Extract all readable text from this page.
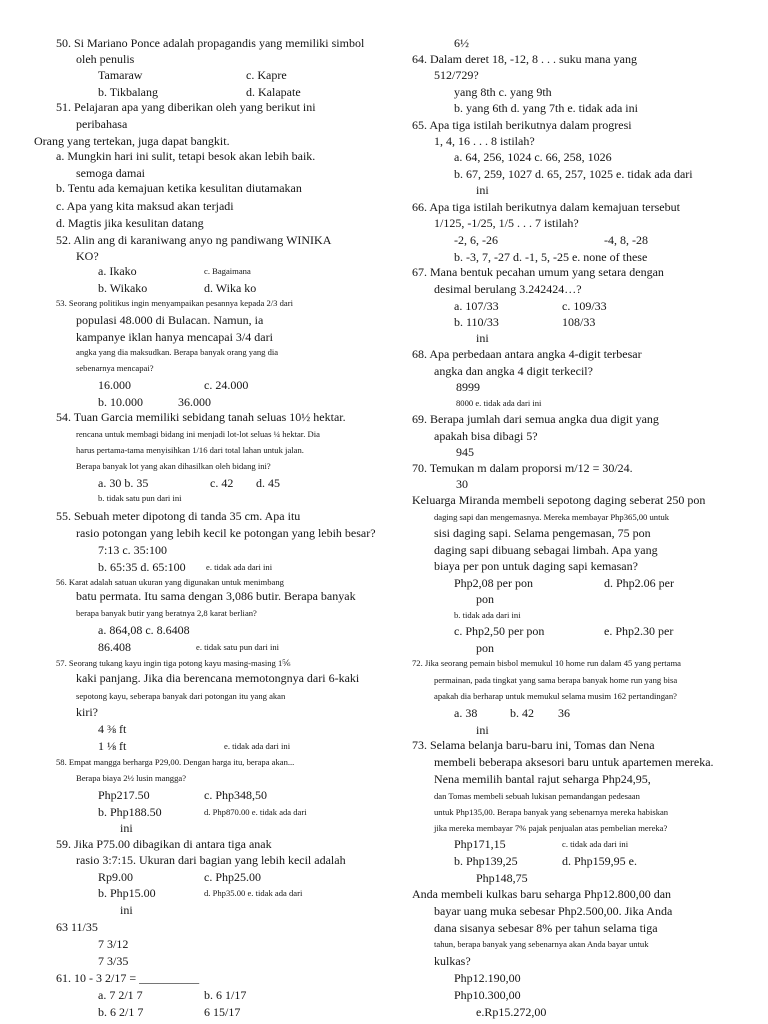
50. Si Mariano Ponce adalah propagandis yang memiliki simbol
oleh penulis
Tamaraw	c. Kapre
b. Tikbalang	d. Kalapate
51. Pelajaran apa yang diberikan oleh yang berikut ini
peribahasa
Orang yang tertekan, juga dapat bangkit.
a. Mungkin hari ini sulit, tetapi besok akan lebih baik.
semoga damai
b. Tentu ada kemajuan ketika kesulitan diutamakan
c. Apa yang kita maksud akan terjadi
d. Magtis jika kesulitan datang
52. Alin ang di karaniwang anyo ng pandiwang WINIKA
KO?
a. Ikako	c. Bagaimana
b. Wikako	d. Wika ko
53. Seorang politikus ingin menyampaikan pesannya kepada 2/3 dari
populasi 48.000 di Bulacan. Namun, ia
kampanye iklan hanya mencapai 3/4 dari
angka yang dia maksudkan. Berapa banyak orang yang dia
sebenarnya mencapai?
16.000	c. 24.000
b. 10.000	36.000
54. Tuan Garcia memiliki sebidang tanah seluas 10½ hektar.
rencana untuk membagi bidang ini menjadi lot-lot seluas ¼ hektar. Dia
harus pertama-tama menyisihkan 1/16 dari total lahan untuk jalan.
Berapa banyak lot yang akan dihasilkan oleh bidang ini?
a. 30 b. 35	c. 42 d. 45
b. tidak satu pun dari ini
55. Sebuah meter dipotong di tanda 35 cm. Apa itu
rasio potongan yang lebih kecil ke potongan yang lebih besar?
7:13 c. 35:100
b. 65:35 d. 65:100 e. tidak ada dari ini
56. Karat adalah satuan ukuran yang digunakan untuk menimbang
batu permata. Itu sama dengan 3,086 butir. Berapa banyak
berapa banyak butir yang beratnya 2,8 karat berlian?
a. 864,08 c. 8.6408
86.408	e. tidak satu pun dari ini
57. Seorang tukang kayu ingin tiga potong kayu masing-masing 1⅚
kaki panjang. Jika dia berencana memotongnya dari 6-kaki
sepotong kayu, seberapa banyak dari potongan itu yang akan
kiri?
4 ⅜ ft
1 ⅛ ft	e. tidak ada dari ini
58. Empat mangga berharga P29,00. Dengan harga itu, berapa akan...
Berapa biaya 2½ lusin mangga?
Php217.50	c. Php348,50
b. Php188.50	d. Php870.00 e. tidak ada dari
ini
59. Jika P75.00 dibagikan di antara tiga anak
rasio 3:7:15. Ukuran dari bagian yang lebih kecil adalah
Rp9.00	c. Php25.00
b. Php15.00	d. Php35.00 e. tidak ada dari
ini
63 11/35
7 3/12
7 3/35
61. 10 - 3 2/17 = __________
a. 7 2/1 7	b. 6 1/17
b. 6 2/1 7	6 15/17
6½
64. Dalam deret 18, -12, 8 . . . suku mana yang
512/729?
yang 8th c. yang 9th
b. yang 6th d. yang 7th e. tidak ada ini
65. Apa tiga istilah berikutnya dalam progresi
1, 4, 16 . . . 8 istilah?
a. 64, 256, 1024 c. 66, 258, 1026
b. 67, 259, 1027 d. 65, 257, 1025 e. tidak ada dari
ini
66. Apa tiga istilah berikutnya dalam kemajuan tersebut
1/125, -1/25, 1/5 . . . 7 istilah?
-2, 6, -26	-4, 8, -28
b. -3, 7, -27 d. -1, 5, -25 e. none of these
67. Mana bentuk pecahan umum yang setara dengan
desimal berulang 3.242424…?
a. 107/33	c. 109/33
b. 110/33	108/33
ini
68. Apa perbedaan antara angka 4-digit terbesar
angka dan angka 4 digit terkecil?
8999
8000 e. tidak ada dari ini
69. Berapa jumlah dari semua angka dua digit yang
apakah bisa dibagi 5?
945
70. Temukan m dalam proporsi m/12 = 30/24.
30
Keluarga Miranda membeli sepotong daging seberat 250 pon
daging sapi dan mengemasnya. Mereka membayar Php365,00 untuk
sisi daging sapi. Selama pengemasan, 75 pon
daging sapi dibuang sebagai limbah. Apa yang
biaya per pon untuk daging sapi kemasan?
Php2,08 per pon	d. Php2.06 per
pon
b. tidak ada dari ini
c. Php2,50 per pon	e. Php2.30 per
pon
72. Jika seorang pemain bisbol memukul 10 home run dalam 45 yang pertama
permainan, pada tingkat yang sama berapa banyak home run yang bisa
apakah dia berharap untuk memukul selama musim 162 pertandingan?
a. 38	b. 42 36
ini
73. Selama belanja baru-baru ini, Tomas dan Nena
membeli beberapa aksesori baru untuk apartemen mereka.
Nena memilih bantal rajut seharga Php24,95,
dan Tomas membeli sebuah lukisan pemandangan pedesaan
untuk Php135,00. Berapa banyak yang sebenarnya mereka habiskan
jika mereka membayar 7% pajak penjualan atas pembelian mereka?
Php171,15	c. tidak ada dari ini
b. Php139,25	d. Php159,95 e.
Php148,75
Anda membeli kulkas baru seharga Php12.800,00 dan
bayar uang muka sebesar Php2.500,00. Jika Anda
dana sisanya sebesar 8% per tahun selama tiga
tahun, berapa banyak yang sebenarnya akan Anda bayar untuk
kulkas?
Php12.190,00
Php10.300,00
e.Rp15.272,00
